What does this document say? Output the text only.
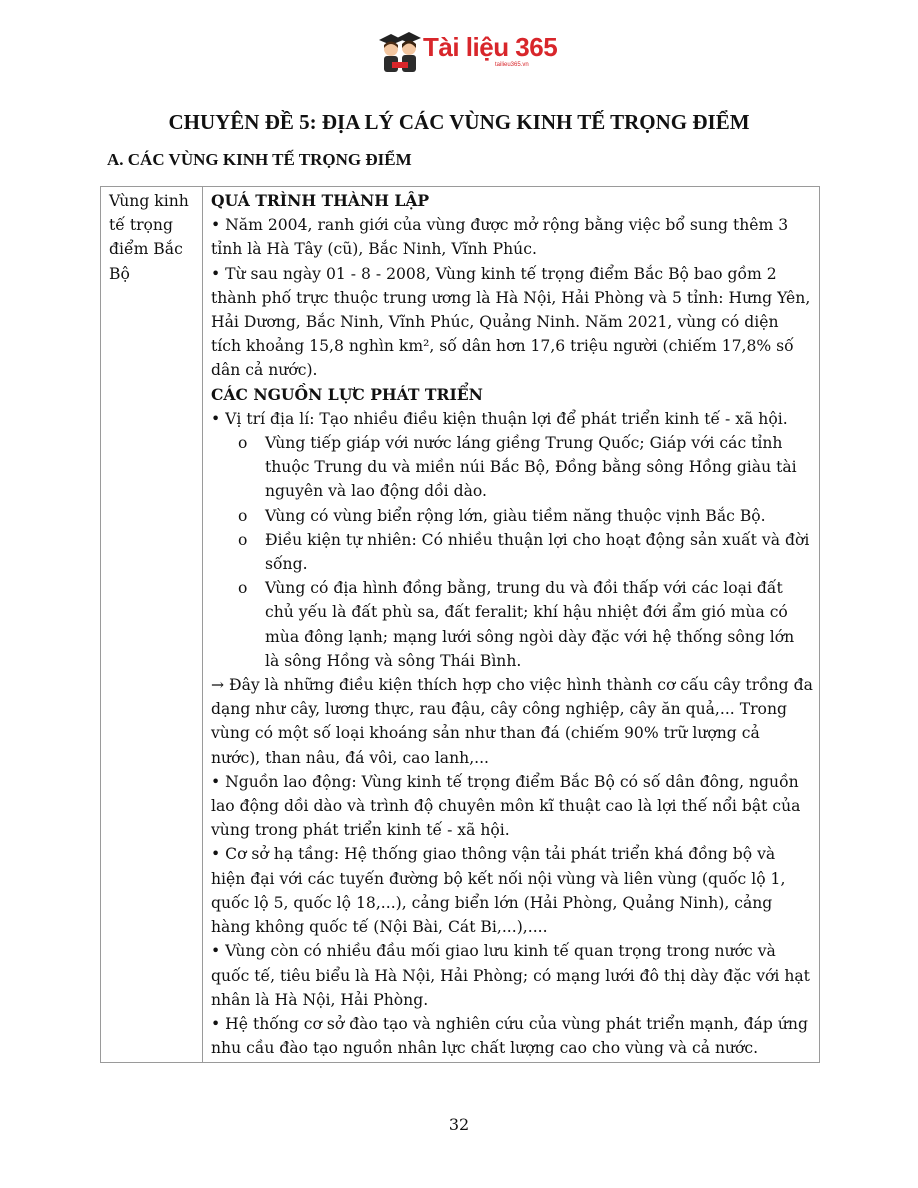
Tài liệu 365
tailieu365.vn
CHUYÊN ĐỀ 5: ĐỊA LÝ CÁC VÙNG KINH TẾ TRỌNG ĐIỂM
A. CÁC VÙNG KINH TẾ TRỌNG ĐIỂM
Vùng kinh tế trọng điểm Bắc Bộ	

QUÁ TRÌNH THÀNH LẬP

• Năm 2004, ranh giới của vùng được mở rộng bằng việc bổ sung thêm 3 tỉnh là Hà Tây (cũ), Bắc Ninh, Vĩnh Phúc.

• Từ sau ngày 01 - 8 - 2008, Vùng kinh tế trọng điểm Bắc Bộ bao gồm 2 thành phố trực thuộc trung ương là Hà Nội, Hải Phòng và 5 tỉnh: Hưng Yên, Hải Dương, Bắc Ninh, Vĩnh Phúc, Quảng Ninh. Năm 2021, vùng có diện tích khoảng 15,8 nghìn km², số dân hơn 17,6 triệu người (chiếm 17,8% số dân cả nước).

CÁC NGUỒN LỰC PHÁT TRIỂN

• Vị trí địa lí: Tạo nhiều điều kiện thuận lợi để phát triển kinh tế - xã hội.

o Vùng tiếp giáp với nước láng giềng Trung Quốc; Giáp với các tỉnh thuộc Trung du và miền núi Bắc Bộ, Đồng bằng sông Hồng giàu tài nguyên và lao động dồi dào.
o Vùng có vùng biển rộng lớn, giàu tiềm năng thuộc vịnh Bắc Bộ.
o Điều kiện tự nhiên: Có nhiều thuận lợi cho hoạt động sản xuất và đời sống.
o Vùng có địa hình đồng bằng, trung du và đồi thấp với các loại đất chủ yếu là đất phù sa, đất feralit; khí hậu nhiệt đới ẩm gió mùa có mùa đông lạnh; mạng lưới sông ngòi dày đặc với hệ thống sông lớn là sông Hồng và sông Thái Bình.

→ Đây là những điều kiện thích hợp cho việc hình thành cơ cấu cây trồng đa dạng như cây, lương thực, rau đậu, cây công nghiệp, cây ăn quả,... Trong vùng có một số loại khoáng sản như than đá (chiếm 90% trữ lượng cả nước), than nâu, đá vôi, cao lanh,...

• Nguồn lao động: Vùng kinh tế trọng điểm Bắc Bộ có số dân đông, nguồn lao động dồi dào và trình độ chuyên môn kĩ thuật cao là lợi thế nổi bật của vùng trong phát triển kinh tế - xã hội.

• Cơ sở hạ tầng: Hệ thống giao thông vận tải phát triển khá đồng bộ và hiện đại với các tuyến đường bộ kết nối nội vùng và liên vùng (quốc lộ 1, quốc lộ 5, quốc lộ 18,...), cảng biển lớn (Hải Phòng, Quảng Ninh), cảng hàng không quốc tế (Nội Bài, Cát Bi,...),....

• Vùng còn có nhiều đầu mối giao lưu kinh tế quan trọng trong nước và quốc tế, tiêu biểu là Hà Nội, Hải Phòng; có mạng lưới đô thị dày đặc với hạt nhân là Hà Nội, Hải Phòng.

• Hệ thống cơ sở đào tạo và nghiên cứu của vùng phát triển mạnh, đáp ứng nhu cầu đào tạo nguồn nhân lực chất lượng cao cho vùng và cả nước.

32
